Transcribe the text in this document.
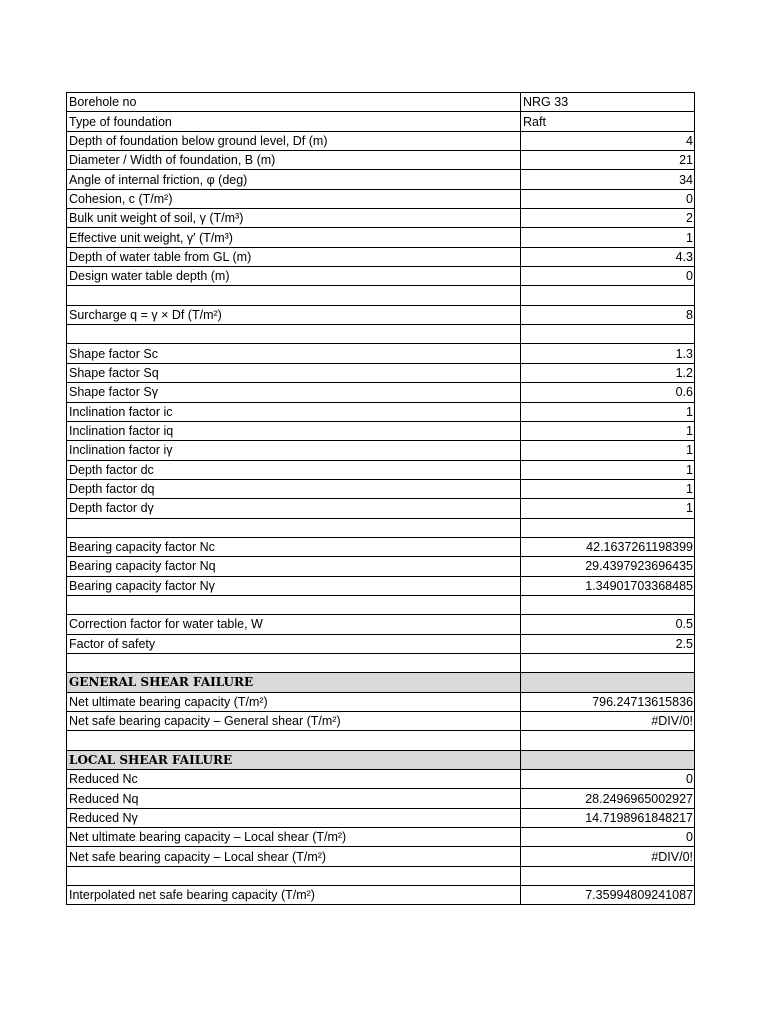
Borehole no	NRG 33
Type of foundation	Raft
Depth of foundation below ground level, Df (m)	4
Diameter / Width of foundation, B (m)	21
Angle of internal friction, φ (deg)	34
Cohesion, c (T/m²)	0
Bulk unit weight of soil, γ (T/m³)	2
Effective unit weight, γ′ (T/m³)	1
Depth of water table from GL (m)	4.3
Design water table depth (m)	0

Surcharge q = γ × Df (T/m²)	8

Shape factor Sc	1.3
Shape factor Sq	1.2
Shape factor Sγ	0.6
Inclination factor ic	1
Inclination factor iq	1
Inclination factor iγ	1
Depth factor dc	1
Depth factor dq	1
Depth factor dγ	1

Bearing capacity factor Nc	42.1637261198399
Bearing capacity factor Nq	29.4397923696435
Bearing capacity factor Nγ	1.34901703368485

Correction factor for water table, W	0.5
Factor of safety	2.5

GENERAL SHEAR FAILURE	
Net ultimate bearing capacity (T/m²)	796.24713615836
Net safe bearing capacity – General shear (T/m²)	#DIV/0!

LOCAL SHEAR FAILURE	
Reduced Nc	0
Reduced Nq	28.2496965002927
Reduced Nγ	14.7198961848217
Net ultimate bearing capacity – Local shear (T/m²)	0
Net safe bearing capacity – Local shear (T/m²)	#DIV/0!

Interpolated net safe bearing capacity (T/m²)	7.35994809241087
